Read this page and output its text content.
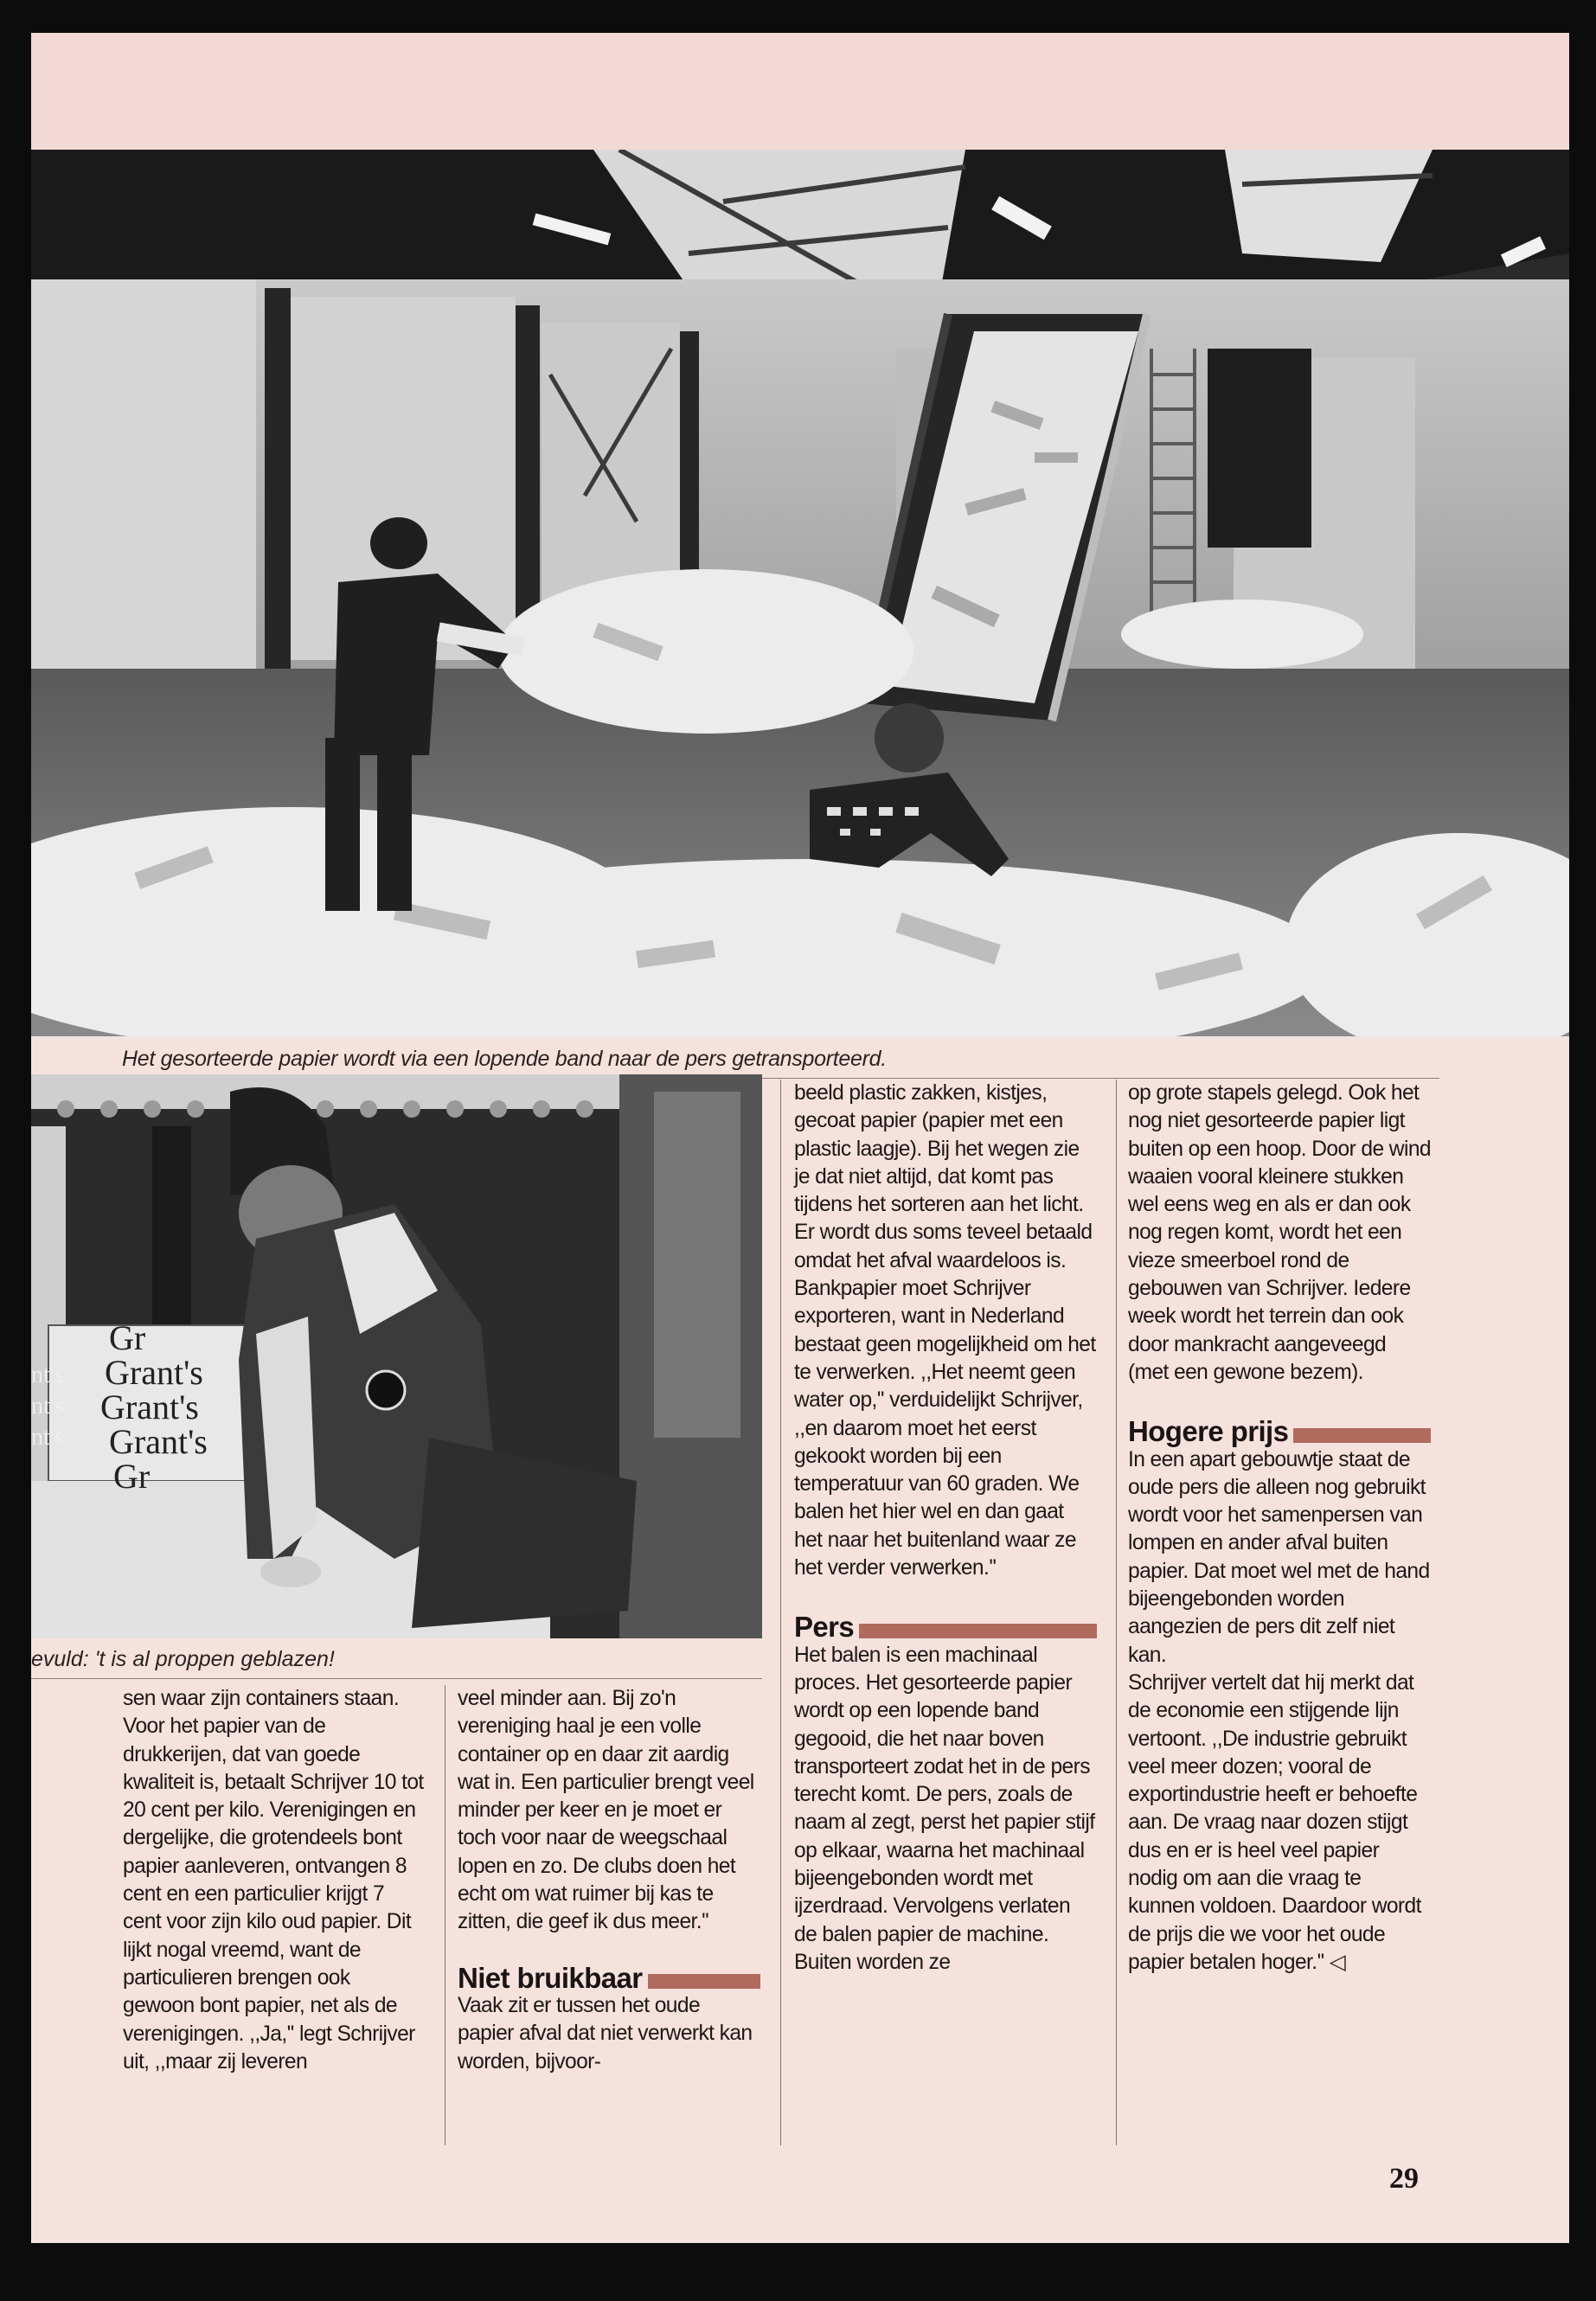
Het gesorteerde papier wordt via een lopende band naar de pers getransporteerd.
Gr
Grant's
Grant's
Grant's
Gr
nt's
nt's
nt's
evuld: 't is al proppen geblazen!

sen waar zijn containers staan. Voor het papier van de drukkerijen, dat van goede kwaliteit is, betaalt Schrijver 10 tot 20 cent per kilo. Verenigingen en dergelijke, die grotendeels bont papier aanleveren, ontvangen 8 cent en een particulier krijgt 7 cent voor zijn kilo oud papier. Dit lijkt nogal vreemd, want de particulieren brengen ook gewoon bont papier, net als de verenigingen. ,,Ja,'' legt Schrijver uit, ,,maar zij leveren

veel minder aan. Bij zo'n vereniging haal je een volle container op en daar zit aardig wat in. Een particulier brengt veel minder per keer en je moet er toch voor naar de weegschaal lopen en zo. De clubs doen het echt om wat ruimer bij kas te zitten, die geef ik dus meer.''

Niet bruikbaar

Vaak zit er tussen het oude papier afval dat niet verwerkt kan worden, bijvoor-

beeld plastic zakken, kistjes, gecoat papier (papier met een plastic laagje). Bij het wegen zie je dat niet altijd, dat komt pas tijdens het sorteren aan het licht. Er wordt dus soms teveel betaald omdat het afval waardeloos is.

Bankpapier moet Schrijver exporteren, want in Nederland bestaat geen mogelijkheid om het te verwerken. ,,Het neemt geen water op,'' verduidelijkt Schrijver, ,,en daarom moet het eerst gekookt worden bij een temperatuur van 60 graden. We balen het hier wel en dan gaat het naar het buitenland waar ze het verder verwerken.''

Pers

Het balen is een machinaal proces. Het gesorteerde papier wordt op een lopende band gegooid, die het naar boven transporteert zodat het in de pers terecht komt. De pers, zoals de naam al zegt, perst het papier stijf op elkaar, waarna het machinaal bijeengebonden wordt met ijzerdraad. Vervolgens verlaten de balen papier de machine. Buiten worden ze

op grote stapels gelegd. Ook het nog niet gesorteerde papier ligt buiten op een hoop. Door de wind waaien vooral kleinere stukken wel eens weg en als er dan ook nog regen komt, wordt het een vieze smeerboel rond de gebouwen van Schrijver. Iedere week wordt het terrein dan ook door mankracht aangeveegd (met een gewone bezem).

Hogere prijs

In een apart gebouwtje staat de oude pers die alleen nog gebruikt wordt voor het samenpersen van lompen en ander afval buiten papier. Dat moet wel met de hand bijeengebonden worden aangezien de pers dit zelf niet kan.

Schrijver vertelt dat hij merkt dat de economie een stijgende lijn vertoont. ,,De industrie gebruikt veel meer dozen; vooral de exportindustrie heeft er behoefte aan. De vraag naar dozen stijgt dus en er is heel veel papier nodig om aan die vraag te kunnen voldoen. Daardoor wordt de prijs die we voor het oude papier betalen hoger.'' ◁

29
